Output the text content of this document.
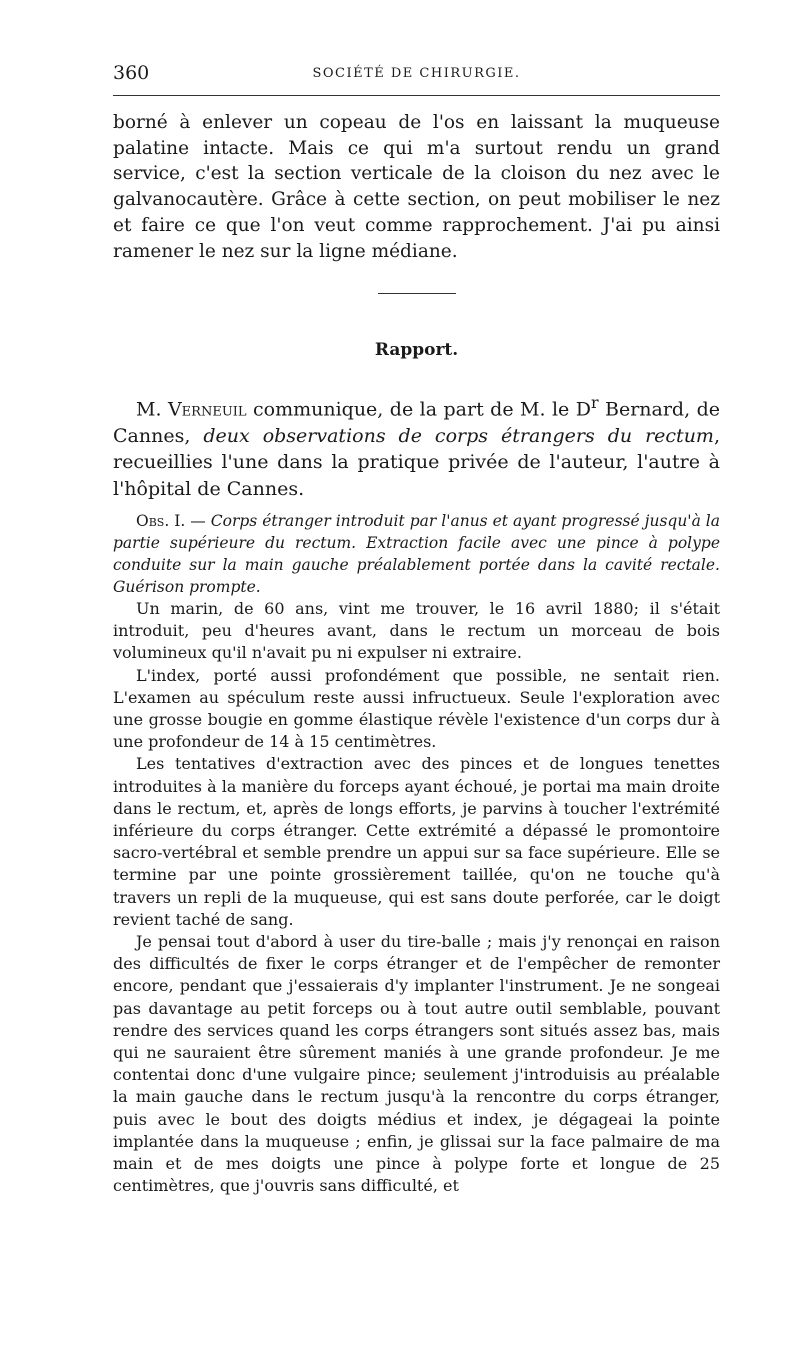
360	SOCIÉTÉ DE CHIRURGIE.

borné à enlever un copeau de l'os en laissant la muqueuse palatine intacte. Mais ce qui m'a surtout rendu un grand service, c'est la section verticale de la cloison du nez avec le galvanocautère. Grâce à cette section, on peut mobiliser le nez et faire ce que l'on veut comme rapprochement. J'ai pu ainsi ramener le nez sur la ligne médiane.

Rapport.

M. Verneuil communique, de la part de M. le $D^r$ Bernard, de Cannes, deux observations de corps étrangers du rectum, recueillies l'une dans la pratique privée de l'auteur, l'autre à l'hôpital de Cannes.

Obs. I. — Corps étranger introduit par l'anus et ayant progressé jusqu'à la partie supérieure du rectum. Extraction facile avec une pince à polype conduite sur la main gauche préalablement portée dans la cavité rectale. Guérison prompte.

Un marin, de 60 ans, vint me trouver, le 16 avril 1880; il s'était introduit, peu d'heures avant, dans le rectum un morceau de bois volumineux qu'il n'avait pu ni expulser ni extraire.

L'index, porté aussi profondément que possible, ne sentait rien. L'examen au spéculum reste aussi infructueux. Seule l'exploration avec une grosse bougie en gomme élastique révèle l'existence d'un corps dur à une profondeur de 14 à 15 centimètres.

Les tentatives d'extraction avec des pinces et de longues tenettes introduites à la manière du forceps ayant échoué, je portai ma main droite dans le rectum, et, après de longs efforts, je parvins à toucher l'extrémité inférieure du corps étranger. Cette extrémité a dépassé le promontoire sacro-vertébral et semble prendre un appui sur sa face supérieure. Elle se termine par une pointe grossièrement taillée, qu'on ne touche qu'à travers un repli de la muqueuse, qui est sans doute perforée, car le doigt revient taché de sang.

Je pensai tout d'abord à user du tire-balle ; mais j'y renonçai en raison des difficultés de fixer le corps étranger et de l'empêcher de remonter encore, pendant que j'essaierais d'y implanter l'instrument. Je ne songeai pas davantage au petit forceps ou à tout autre outil semblable, pouvant rendre des services quand les corps étrangers sont situés assez bas, mais qui ne sauraient être sûrement maniés à une grande profondeur. Je me contentai donc d'une vulgaire pince; seulement j'introduisis au préalable la main gauche dans le rectum jusqu'à la rencontre du corps étranger, puis avec le bout des doigts médius et index, je dégageai la pointe implantée dans la muqueuse ; enfin, je glissai sur la face palmaire de ma main et de mes doigts une pince à polype forte et longue de 25 centimètres, que j'ouvris sans difficulté, et
